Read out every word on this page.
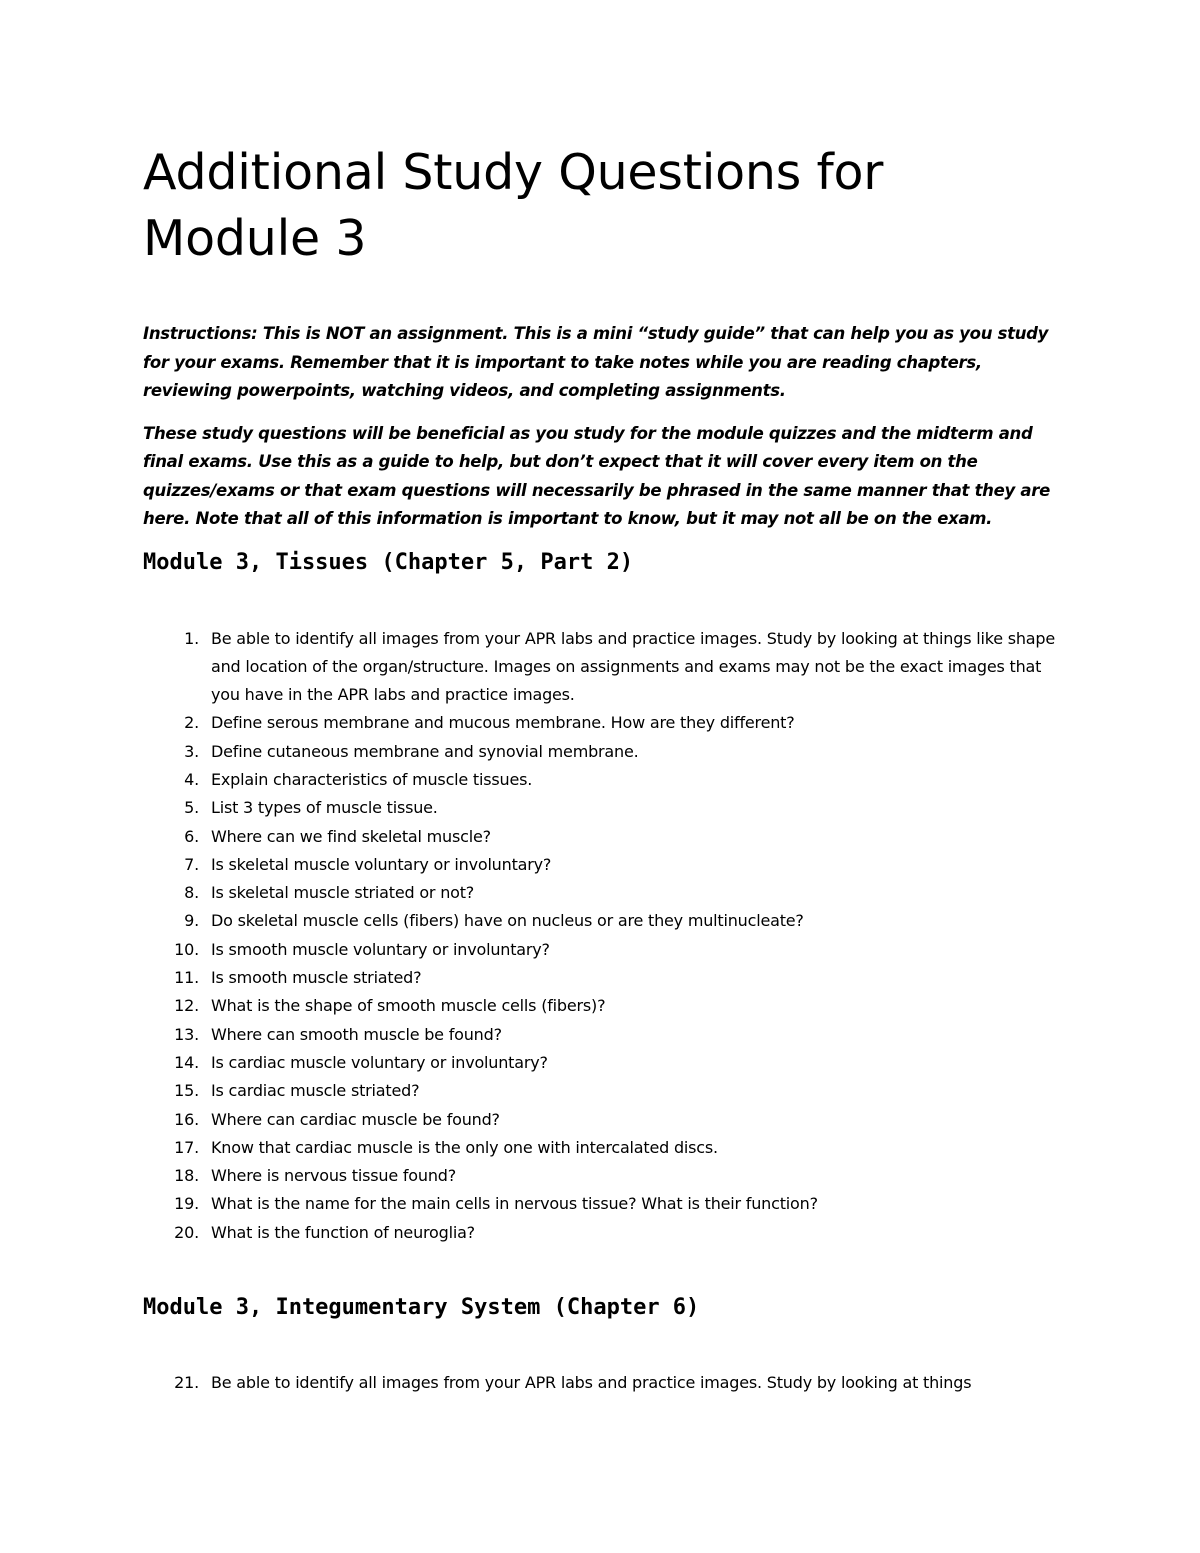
Additional Study Questions for Module 3

Instructions: This is NOT an assignment. This is a mini “study guide” that can help you as you study for your exams. Remember that it is important to take notes while you are reading chapters, reviewing powerpoints, watching videos, and completing assignments.

These study questions will be beneficial as you study for the module quizzes and the midterm and final exams. Use this as a guide to help, but don’t expect that it will cover every item on the quizzes/exams or that exam questions will necessarily be phrased in the same manner that they are here. Note that all of this information is important to know, but it may not all be on the exam.

Module 3, Tissues (Chapter 5, Part 2)
1. Be able to identify all images from your APR labs and practice images. Study by looking at things like shape and location of the organ/structure. Images on assignments and exams may not be the exact images that you have in the APR labs and practice images.
2. Define serous membrane and mucous membrane. How are they different?
3. Define cutaneous membrane and synovial membrane.
4. Explain characteristics of muscle tissues.
5. List 3 types of muscle tissue.
6. Where can we find skeletal muscle?
7. Is skeletal muscle voluntary or involuntary?
8. Is skeletal muscle striated or not?
9. Do skeletal muscle cells (fibers) have on nucleus or are they multinucleate?
10. Is smooth muscle voluntary or involuntary?
11. Is smooth muscle striated?
12. What is the shape of smooth muscle cells (fibers)?
13. Where can smooth muscle be found?
14. Is cardiac muscle voluntary or involuntary?
15. Is cardiac muscle striated?
16. Where can cardiac muscle be found?
17. Know that cardiac muscle is the only one with intercalated discs.
18. Where is nervous tissue found?
19. What is the name for the main cells in nervous tissue? What is their function?
20. What is the function of neuroglia?
Module 3, Integumentary System (Chapter 6)
21. Be able to identify all images from your APR labs and practice images. Study by looking at things
